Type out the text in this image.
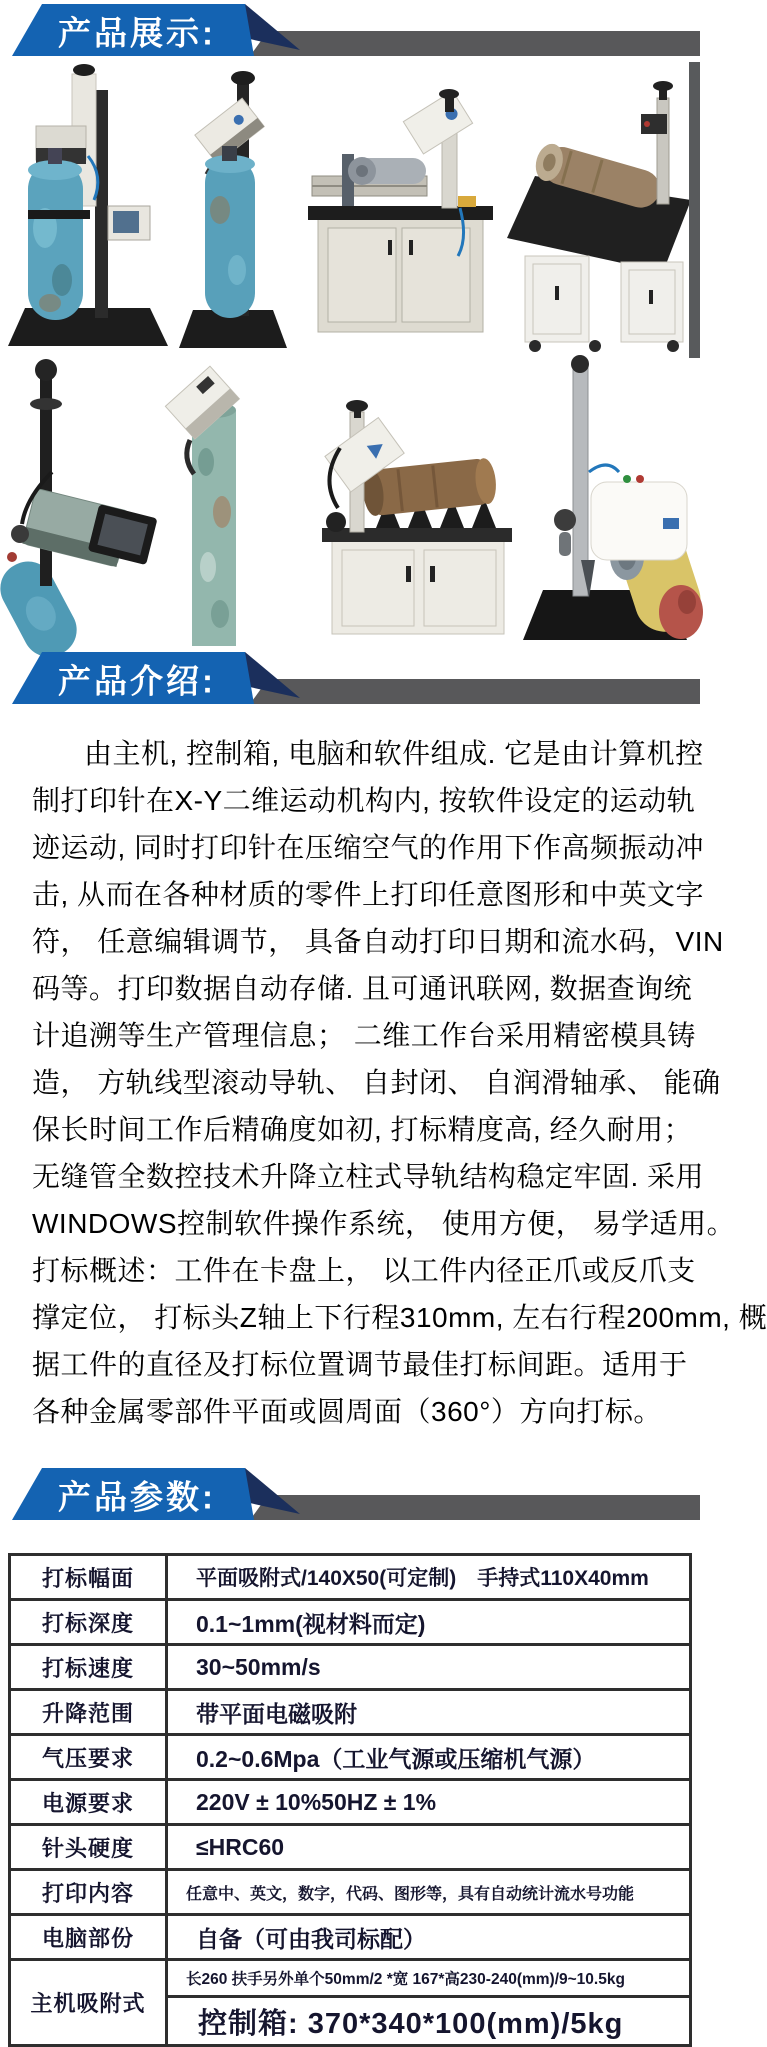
产品展示:
产品介绍:
由主机, 控制箱, 电脑和软件组成. 它是由计算机控
制打印针在X-Y二维运动机构内, 按软件设定的运动轨
迹运动, 同时打印针在压缩空气的作用下作高频振动冲
击, 从而在各种材质的零件上打印任意图形和中英文字
符， 任意编辑调节， 具备自动打印日期和流水码，VIN
码等。打印数据自动存储. 且可通讯联网, 数据查询统
计追溯等生产管理信息； 二维工作台采用精密模具铸
造， 方轨线型滚动导轨、 自封闭、 自润滑轴承、 能确
保长时间工作后精确度如初, 打标精度高, 经久耐用；
无缝管全数控技术升降立柱式导轨结构稳定牢固. 采用
WINDOWS控制软件操作系统， 使用方便， 易学适用。
打标概述：工件在卡盘上， 以工件内径正爪或反爪支
撑定位， 打标头Z轴上下行程310mm, 左右行程200mm, 概
据工件的直径及打标位置调节最佳打标间距。适用于
各种金属零部件平面或圆周面（360°）方向打标。
产品参数:
打标幅面	平面吸附式/140X50(可定制)　手持式110X40mm
打标深度	0.1~1mm(视材料而定)
打标速度	30~50mm/s
升降范围	带平面电磁吸附
气压要求	0.2~0.6Mpa（工业气源或压缩机气源）
电源要求	220V ± 10%50HZ ± 1%
针头硬度	≤HRC60
打印内容	任意中、英文，数字，代码、图形等，具有自动统计流水号功能
电脑部份	自备（可由我司标配）
主机吸附式	长260 扶手另外单个50mm/2 *宽 167*高230-240(mm)/9~10.5kg
	控制箱: 370*340*100(mm)/5kg
